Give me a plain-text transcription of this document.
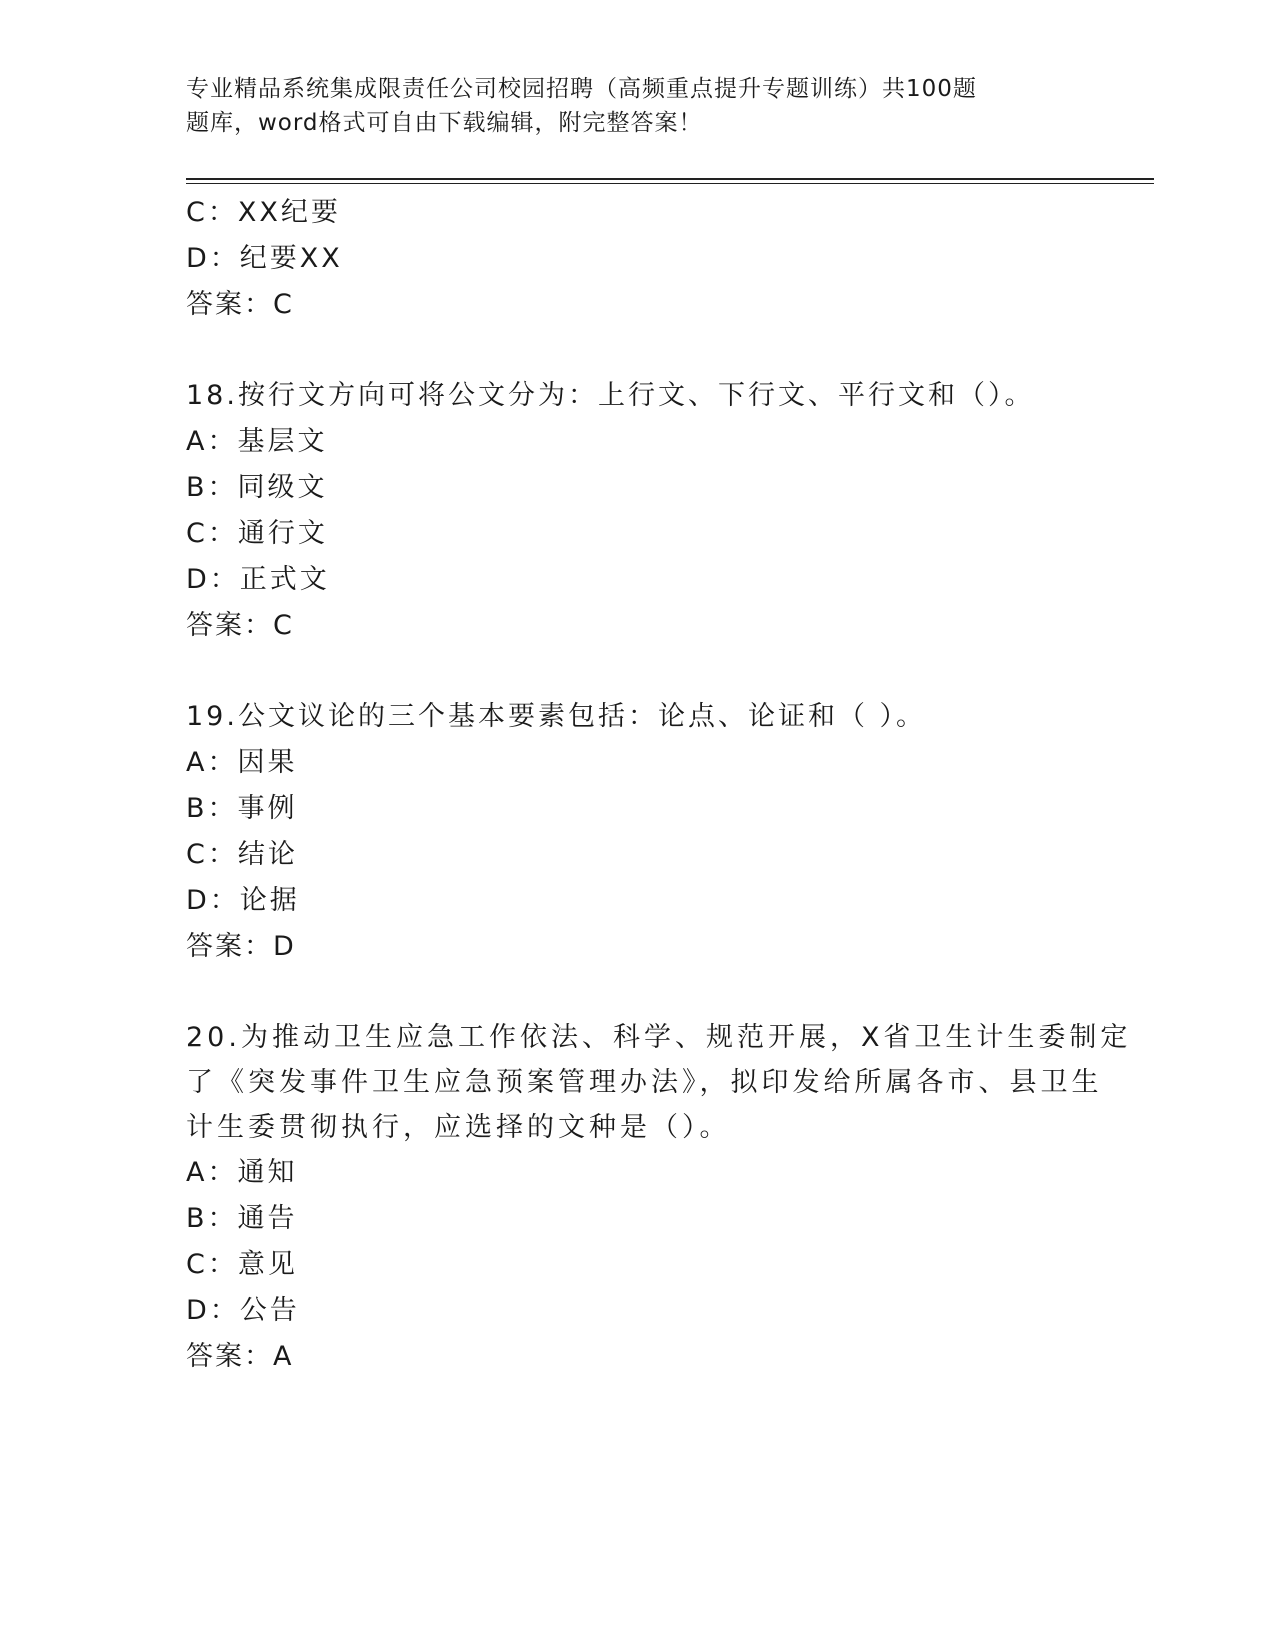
专业精品系统集成限责任公司校园招聘（高频重点提升专题训练）共100题

题库，word格式可自由下载编辑，附完整答案！

C：XX纪要
D：纪要XX
答案：C
18.按行文方向可将公文分为：上行文、下行文、平行文和（）。
A：基层文
B：同级文
C：通行文
D：正式文
答案：C
19.公文议论的三个基本要素包括：论点、论证和（ ）。
A：因果
B：事例
C：结论
D：论据
答案：D
20.为推动卫生应急工作依法、科学、规范开展，X省卫生计生委制定
了《突发事件卫生应急预案管理办法》，拟印发给所属各市、县卫生
计生委贯彻执行，应选择的文种是（）。
A：通知
B：通告
C：意见
D：公告
答案：A
